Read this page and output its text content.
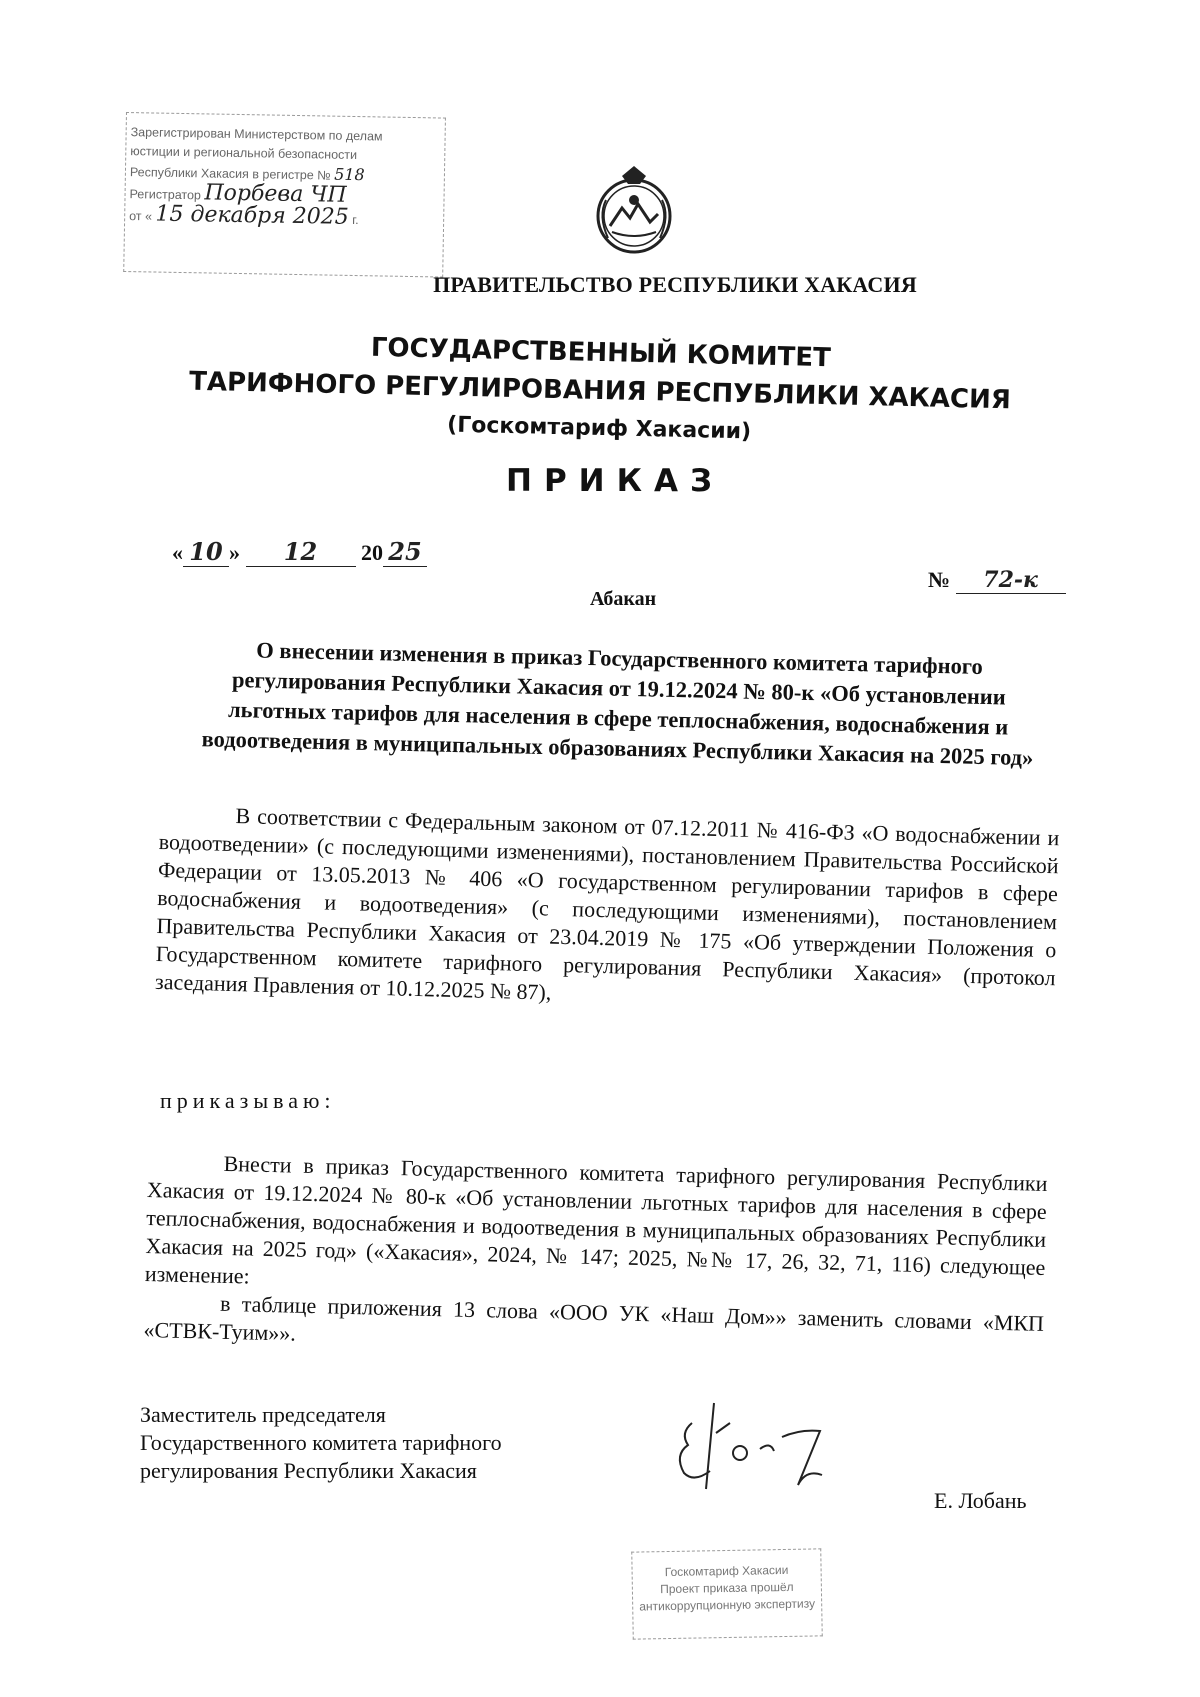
Зарегистрирован Министерством по делам
юстиции и региональной безопасности
Республики Хакасия в регистре № 518
Регистратор Порбева ЧП
от « 15 декабря 2025 г.
ПРАВИТЕЛЬСТВО РЕСПУБЛИКИ ХАКАСИЯ
ГОСУДАРСТВЕННЫЙ КОМИТЕТ
ТАРИФНОГО РЕГУЛИРОВАНИЯ РЕСПУБЛИКИ ХАКАСИЯ
(Госкомтариф Хакасии)
ПРИКАЗ
« 10 » 12 20 25
Абакан
№ 72-к
О внесении изменения в приказ Государственного комитета тарифного регулирования Республики Хакасия от 19.12.2024 № 80-к «Об установлении льготных тарифов для населения в сфере теплоснабжения, водоснабжения и водоотведения в муниципальных образованиях Республики Хакасия на 2025 год»
В соответствии с Федеральным законом от 07.12.2011 № 416-ФЗ «О водоснабжении и водоотведении» (с последующими изменениями), постановлением Правительства Российской Федерации от 13.05.2013 № 406 «О государственном регулировании тарифов в сфере водоснабжения и водоотведения» (с последующими изменениями), постановлением Правительства Республики Хакасия от 23.04.2019 № 175 «Об утверждении Положения о Государственном комитете тарифного регулирования Республики Хакасия» (протокол заседания Правления от 10.12.2025 № 87),
приказываю:
Внести в приказ Государственного комитета тарифного регулирования Республики Хакасия от 19.12.2024 № 80-к «Об установлении льготных тарифов для населения в сфере теплоснабжения, водоснабжения и водоотведения в муниципальных образованиях Республики Хакасия на 2025 год» («Хакасия», 2024, № 147; 2025, №№ 17, 26, 32, 71, 116) следующее изменение:
в таблице приложения 13 слова «ООО УК «Наш Дом»» заменить словами «МКП «СТВК-Туим»».
Заместитель председателя
Государственного комитета тарифного
регулирования Республики Хакасия
Е. Лобань
Госкомтариф Хакасии
Проект приказа прошёл
антикоррупционную экспертизу
